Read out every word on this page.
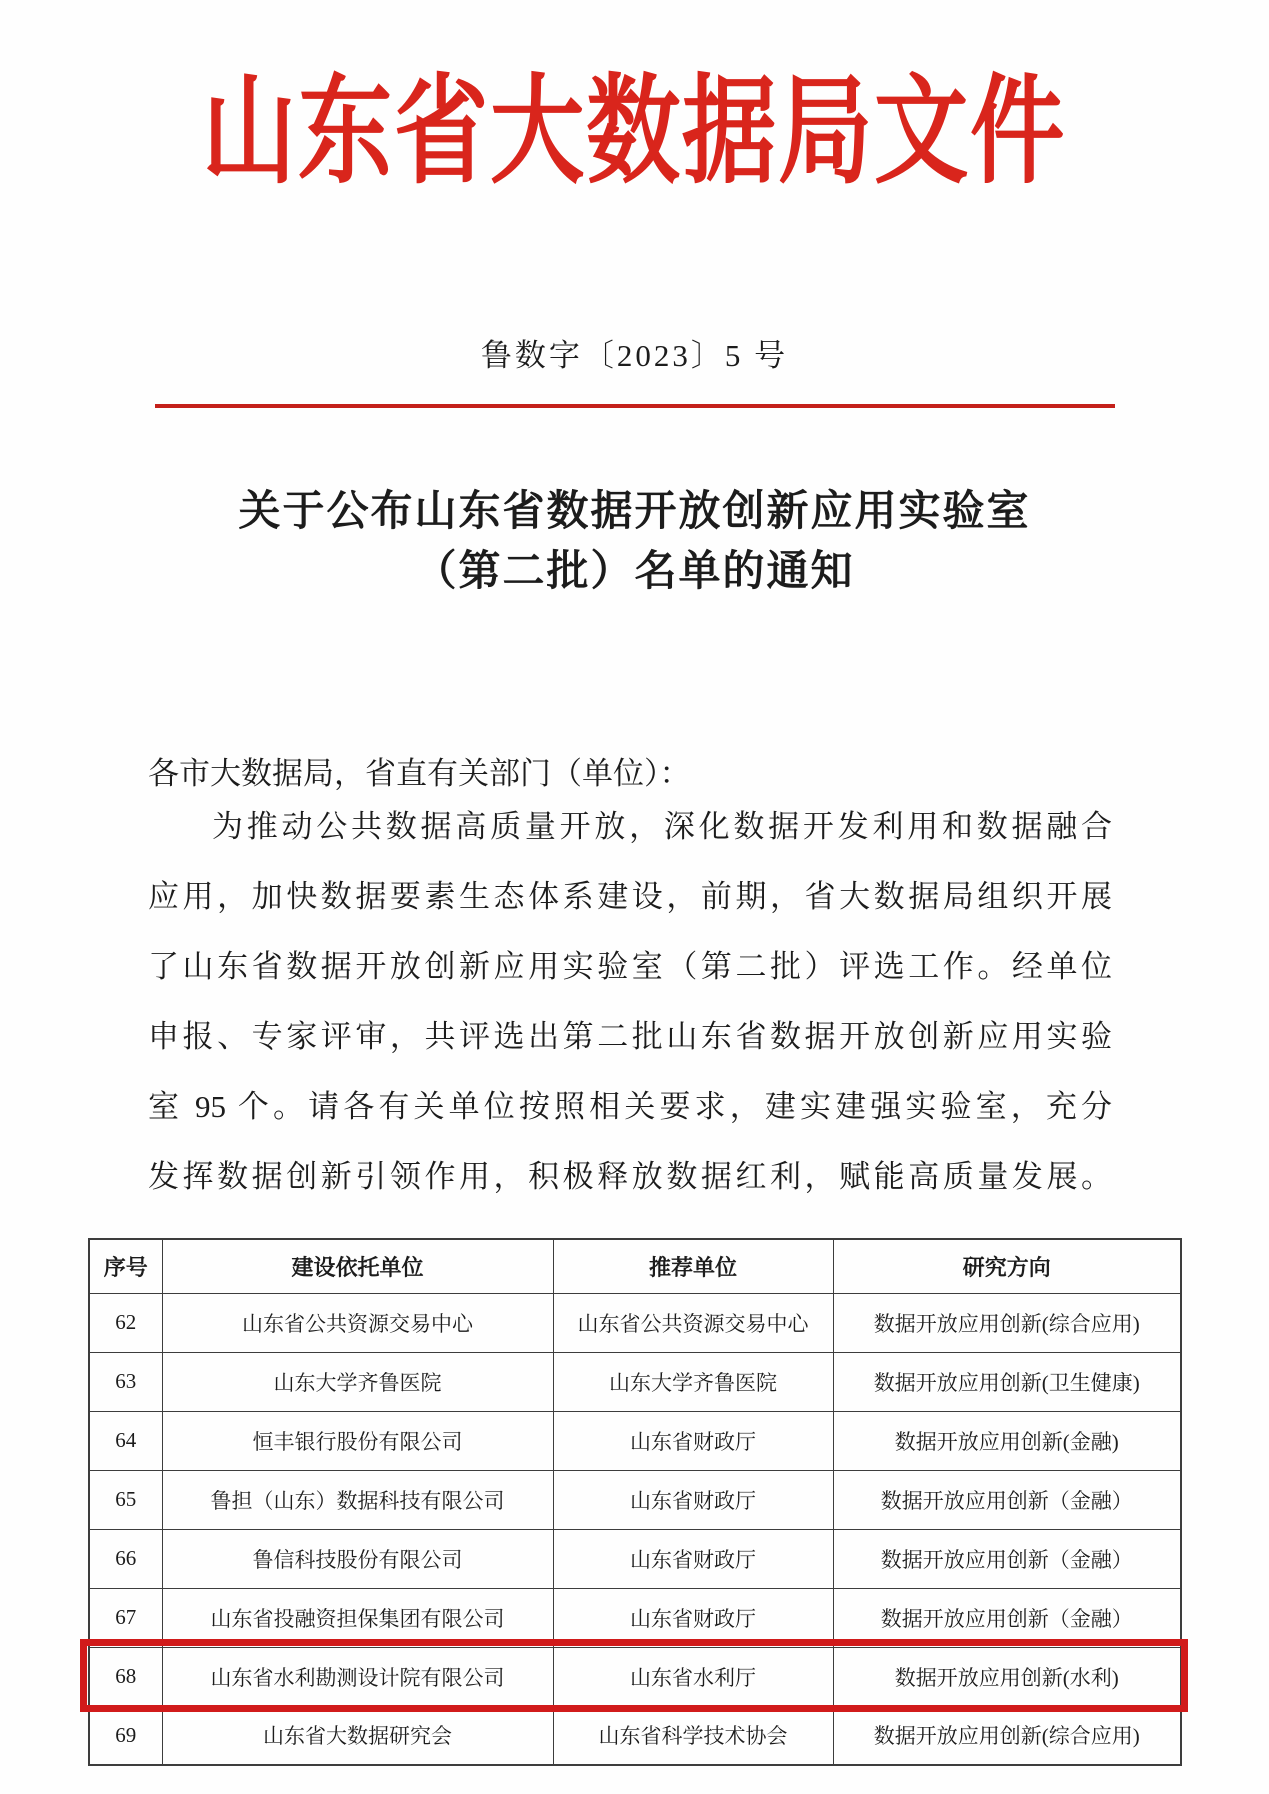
山东省大数据局文件
鲁数字〔2023〕5 号
关于公布山东省数据开放创新应用实验室
（第二批）名单的通知
各市大数据局，省直有关部门（单位）：
为推动公共数据高质量开放，深化数据开发利用和数据融合
应用，加快数据要素生态体系建设，前期，省大数据局组织开展
了山东省数据开放创新应用实验室（第二批）评选工作。经单位
申报、专家评审，共评选出第二批山东省数据开放创新应用实验
室 95 个。请各有关单位按照相关要求，建实建强实验室，充分
发挥数据创新引领作用，积极释放数据红利，赋能高质量发展。
序号	建设依托单位	推荐单位	研究方向
62	山东省公共资源交易中心	山东省公共资源交易中心	数据开放应用创新(综合应用)
63	山东大学齐鲁医院	山东大学齐鲁医院	数据开放应用创新(卫生健康)
64	恒丰银行股份有限公司	山东省财政厅	数据开放应用创新(金融)
65	鲁担（山东）数据科技有限公司	山东省财政厅	数据开放应用创新（金融）
66	鲁信科技股份有限公司	山东省财政厅	数据开放应用创新（金融）
67	山东省投融资担保集团有限公司	山东省财政厅	数据开放应用创新（金融）
68	山东省水利勘测设计院有限公司	山东省水利厅	数据开放应用创新(水利)
69	山东省大数据研究会	山东省科学技术协会	数据开放应用创新(综合应用)
